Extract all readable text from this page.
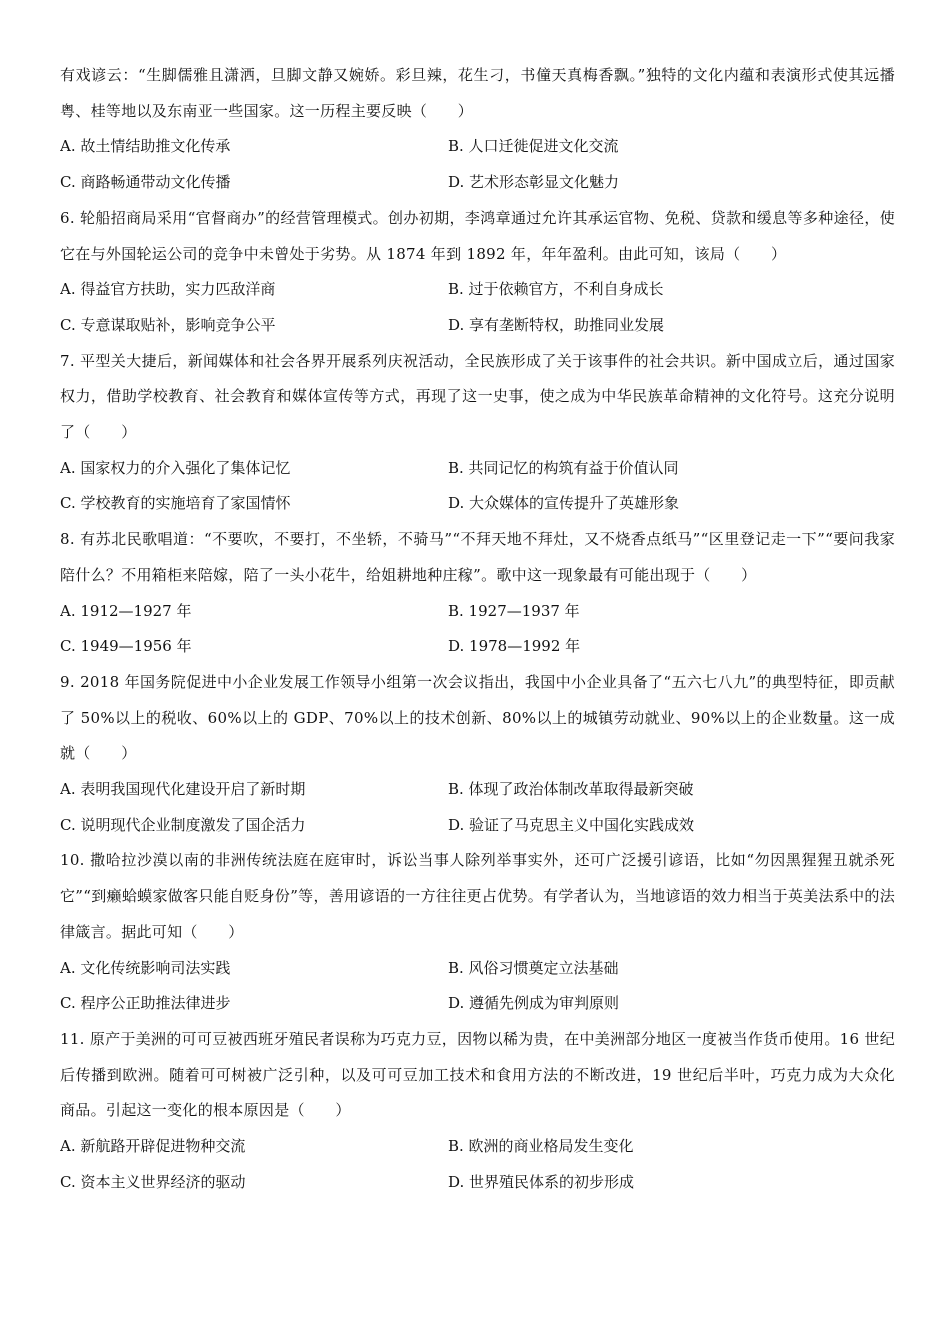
有戏谚云：“生脚儒雅且潇洒，旦脚文静又婉娇。彩旦辣，花生刁，书僮天真梅香飘。”独特的文化内蕴和表演形式使其远播粤、桂等地以及东南亚一些国家。这一历程主要反映（　　）

A. 故土情结助推文化传承	B. 人口迁徙促进文化交流
C. 商路畅通带动文化传播	D. 艺术形态彰显文化魅力

6. 轮船招商局采用“官督商办”的经营管理模式。创办初期，李鸿章通过允许其承运官物、免税、贷款和缓息等多种途径，使它在与外国轮运公司的竞争中未曾处于劣势。从 1874 年到 1892 年，年年盈利。由此可知，该局（　　）

A. 得益官方扶助，实力匹敌洋商	B. 过于依赖官方，不利自身成长
C. 专意谋取贴补，影响竞争公平	D. 享有垄断特权，助推同业发展

7. 平型关大捷后，新闻媒体和社会各界开展系列庆祝活动，全民族形成了关于该事件的社会共识。新中国成立后，通过国家权力，借助学校教育、社会教育和媒体宣传等方式，再现了这一史事，使之成为中华民族革命精神的文化符号。这充分说明了（　　）

A. 国家权力的介入强化了集体记忆	B. 共同记忆的构筑有益于价值认同
C. 学校教育的实施培育了家国情怀	D. 大众媒体的宣传提升了英雄形象

8. 有苏北民歌唱道：“不要吹，不要打，不坐轿，不骑马”“不拜天地不拜灶，又不烧香点纸马”“区里登记走一下”“要问我家陪什么？不用箱柜来陪嫁，陪了一头小花牛，给姐耕地种庄稼”。歌中这一现象最有可能出现于（　　）

A. 1912—1927 年	B. 1927—1937 年
C. 1949—1956 年	D. 1978—1992 年

9. 2018 年国务院促进中小企业发展工作领导小组第一次会议指出，我国中小企业具备了“五六七八九”的典型特征，即贡献了 50%以上的税收、60%以上的 GDP、70%以上的技术创新、80%以上的城镇劳动就业、90%以上的企业数量。这一成就（　　）

A. 表明我国现代化建设开启了新时期	B. 体现了政治体制改革取得最新突破
C. 说明现代企业制度激发了国企活力	D. 验证了马克思主义中国化实践成效

10. 撒哈拉沙漠以南的非洲传统法庭在庭审时，诉讼当事人除列举事实外，还可广泛援引谚语，比如“勿因黑猩猩丑就杀死它”“到癞蛤蟆家做客只能自贬身份”等，善用谚语的一方往往更占优势。有学者认为，当地谚语的效力相当于英美法系中的法律箴言。据此可知（　　）

A. 文化传统影响司法实践	B. 风俗习惯奠定立法基础
C. 程序公正助推法律进步	D. 遵循先例成为审判原则

11. 原产于美洲的可可豆被西班牙殖民者误称为巧克力豆，因物以稀为贵，在中美洲部分地区一度被当作货币使用。16 世纪后传播到欧洲。随着可可树被广泛引种，以及可可豆加工技术和食用方法的不断改进，19 世纪后半叶，巧克力成为大众化商品。引起这一变化的根本原因是（　　）

A. 新航路开辟促进物种交流	B. 欧洲的商业格局发生变化
C. 资本主义世界经济的驱动	D. 世界殖民体系的初步形成
